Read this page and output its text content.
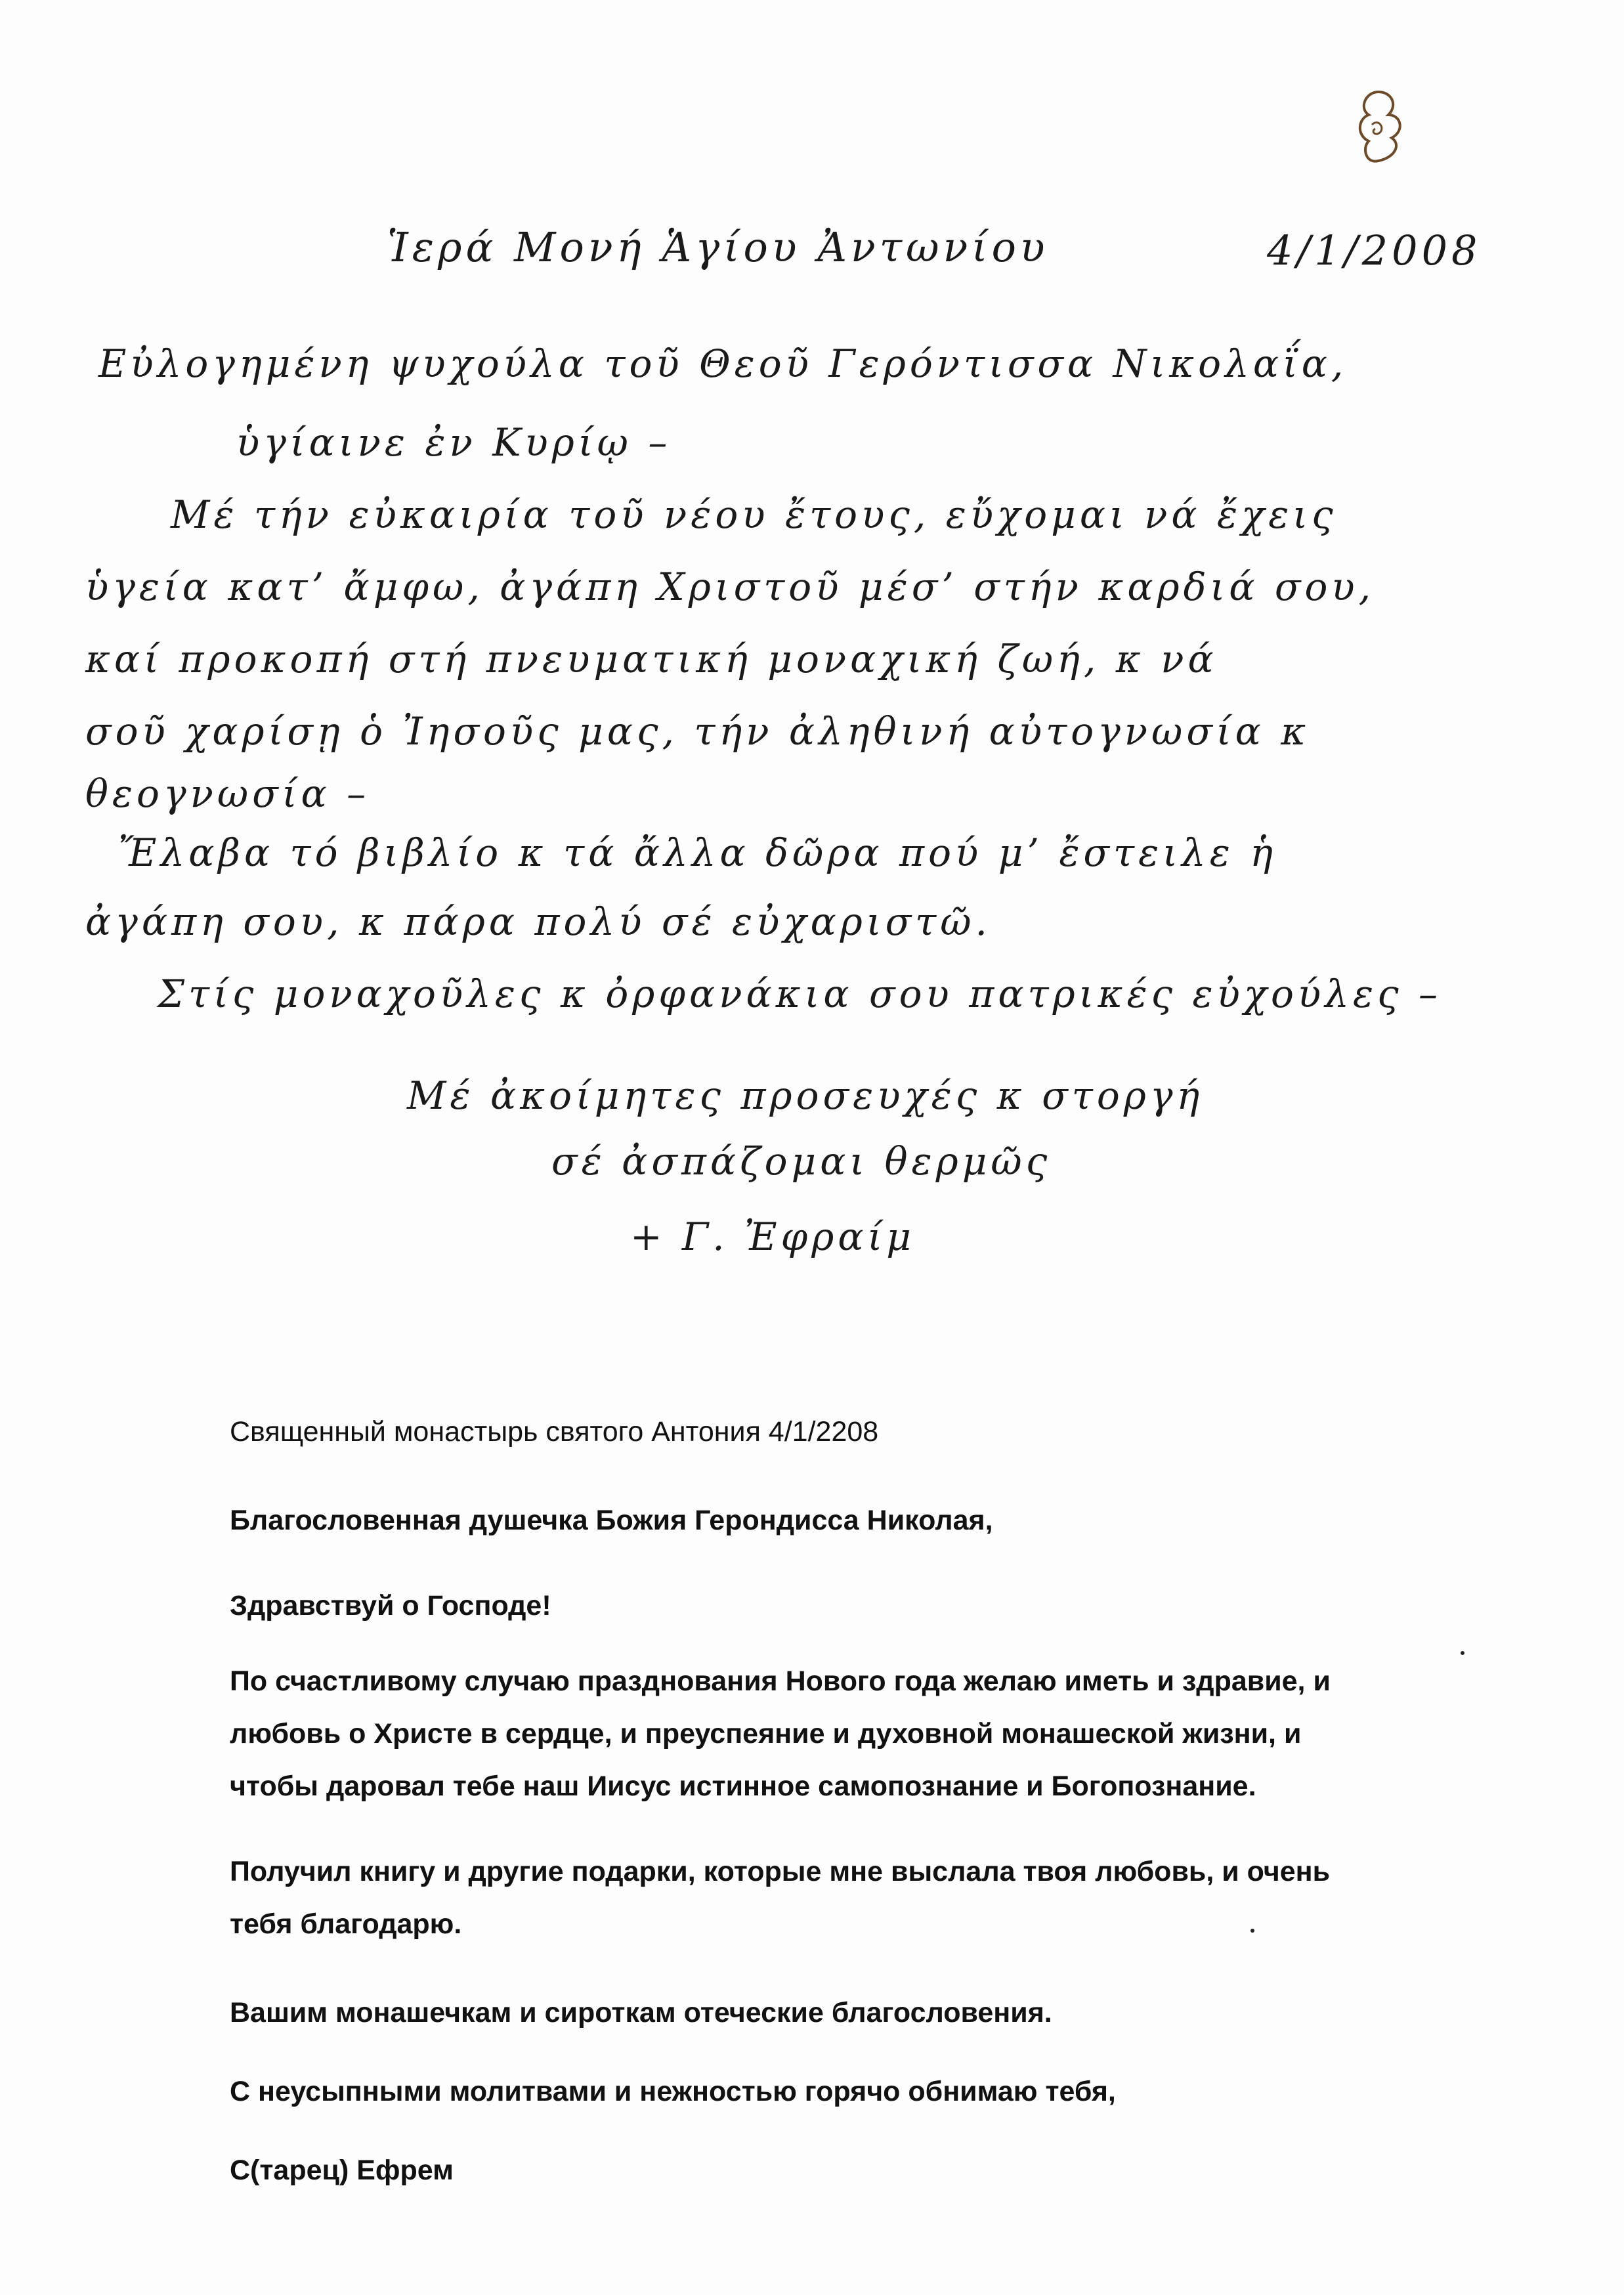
Ἱερά Μονή Ἁγίου Ἀντωνίου	4/1/2008
Εὐλογημένη ψυχούλα τοῦ Θεοῦ Γερόντισσα Νικολαΐα,
ὑγίαινε ἐν Κυρίῳ –
Μέ τήν εὐκαιρία τοῦ νέου ἔτους, εὔχομαι νά ἔχεις
ὑγεία κατ’ ἄμφω, ἀγάπη Χριστοῦ μέσ’ στήν καρδιά σου,
καί προκοπή στή πνευματική μοναχική ζωή, κ νά
σοῦ χαρίσῃ ὁ Ἰησοῦς μας, τήν ἀληθινή αὐτογνωσία κ
θεογνωσία –
Ἔλαβα τό βιβλίο κ τά ἄλλα δῶρα πού μ’ ἔστειλε ἡ
ἀγάπη σου, κ πάρα πολύ σέ εὐχαριστῶ.
Στίς μοναχοῦλες κ ὀρφανάκια σου πατρικές εὐχούλες –
Μέ ἀκοίμητες προσευχές κ στοργή
σέ ἀσπάζομαι θερμῶς
+ Γ. Ἐφραίμ
Священный монастырь святого Антония 4/1/2208
Благословенная душечка Божия Герондисса Николая,
Здравствуй о Господе!
По счастливому случаю празднования Нового года желаю иметь и здравие, и
любовь о Христе в сердце, и преуспеяние и духовной монашеской жизни, и
чтобы даровал тебе наш Иисус истинное самопознание и Богопознание.
Получил книгу и другие подарки, которые мне выслала твоя любовь, и очень
тебя благодарю.
Вашим монашечкам и сироткам отеческие благословения.
С неусыпными молитвами и нежностью горячо обнимаю тебя,
С(тарец) Ефрем
